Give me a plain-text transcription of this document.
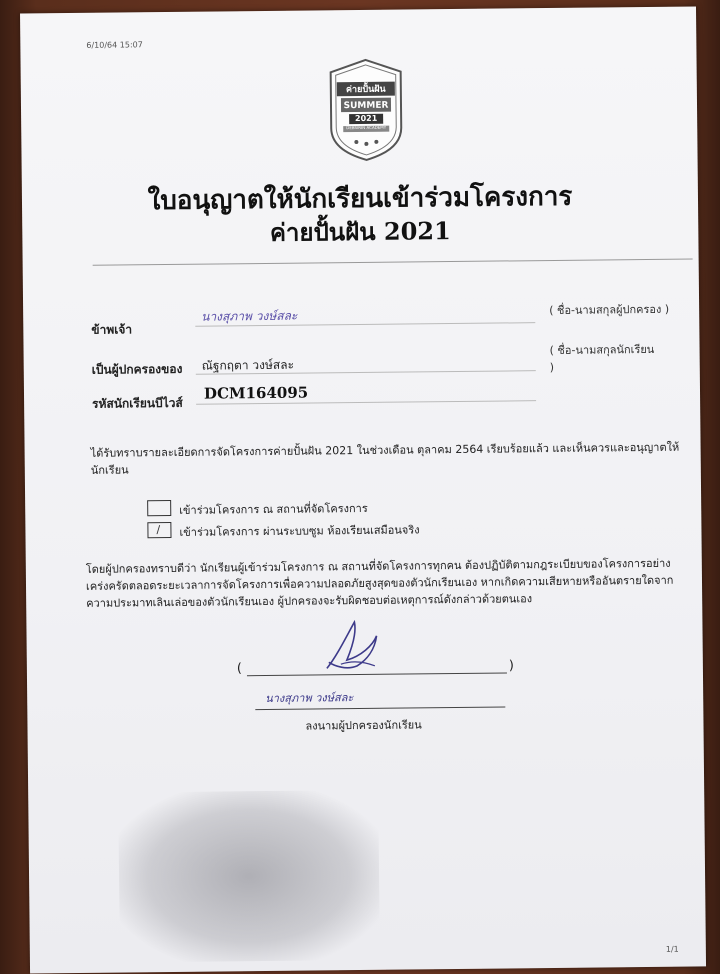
6/10/64 15:07
ค่ายปั้นฝัน
SUMMER
2021
DEBSIRIN ACADEMY
ใบอนุญาตให้นักเรียนเข้าร่วมโครงการ
ค่ายปั้นฝัน 2021
ข้าพเจ้า
นางสุภาพ วงษ์สละ	( ชื่อ-นามสกุลผู้ปกครอง )
เป็นผู้ปกครองของ ณัฐกฤตา วงษ์สละ
( ชื่อ-นามสกุลนักเรียน )
รหัสนักเรียนบีไวส์
DCM164095
ได้รับทราบรายละเอียดการจัดโครงการค่ายปั้นฝัน 2021 ในช่วงเดือน ตุลาคม 2564 เรียบร้อยแล้ว และเห็นควรและอนุญาตให้นักเรียน
เข้าร่วมโครงการ ณ สถานที่จัดโครงการ
/ เข้าร่วมโครงการ ผ่านระบบซูม ห้องเรียนเสมือนจริง
โดยผู้ปกครองทราบดีว่า นักเรียนผู้เข้าร่วมโครงการ ณ สถานที่จัดโครงการทุกคน ต้องปฏิบัติตามกฎระเบียบของโครงการอย่างเคร่งครัดตลอดระยะเวลาการจัดโครงการเพื่อความปลอดภัยสูงสุดของตัวนักเรียนเอง หากเกิดความเสียหายหรืออันตรายใดจากความประมาทเลินเล่อของตัวนักเรียนเอง ผู้ปกครองจะรับผิดชอบต่อเหตุการณ์ดังกล่าวด้วยตนเอง
(	)
นางสุภาพ วงษ์สละ
ลงนามผู้ปกครองนักเรียน
1/1
